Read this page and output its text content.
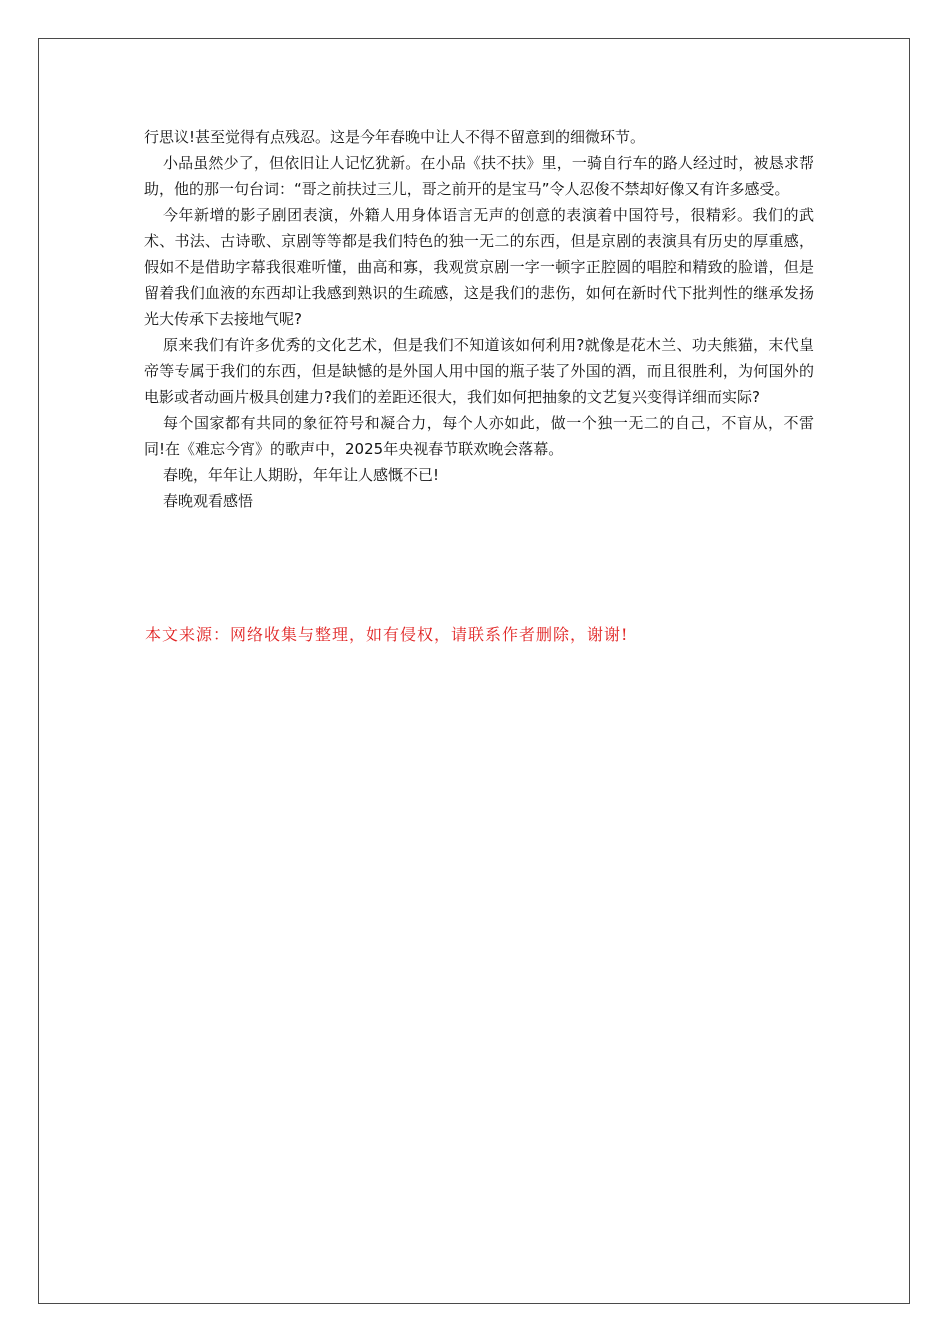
行思议!甚至觉得有点残忍。这是今年春晚中让人不得不留意到的细微环节。

小品虽然少了，但依旧让人记忆犹新。在小品《扶不扶》里，一骑自行车的路人经过时，被恳求帮助，他的那一句台词：“哥之前扶过三儿，哥之前开的是宝马”令人忍俊不禁却好像又有许多感受。

今年新增的影子剧团表演，外籍人用身体语言无声的创意的表演着中国符号，很精彩。我们的武术、书法、古诗歌、京剧等等都是我们特色的独一无二的东西，但是京剧的表演具有历史的厚重感，假如不是借助字幕我很难听懂，曲高和寡，我观赏京剧一字一顿字正腔圆的唱腔和精致的脸谱，但是留着我们血液的东西却让我感到熟识的生疏感，这是我们的悲伤，如何在新时代下批判性的继承发扬光大传承下去接地气呢?

原来我们有许多优秀的文化艺术，但是我们不知道该如何利用?就像是花木兰、功夫熊猫，末代皇帝等专属于我们的东西，但是缺憾的是外国人用中国的瓶子装了外国的酒，而且很胜利，为何国外的电影或者动画片极具创建力?我们的差距还很大，我们如何把抽象的文艺复兴变得详细而实际?

每个国家都有共同的象征符号和凝合力，每个人亦如此，做一个独一无二的自己，不盲从，不雷同!在《难忘今宵》的歌声中，2025年央视春节联欢晚会落幕。

春晚，年年让人期盼，年年让人感慨不已!

春晚观看感悟

本文来源：网络收集与整理，如有侵权，请联系作者删除，谢谢!
